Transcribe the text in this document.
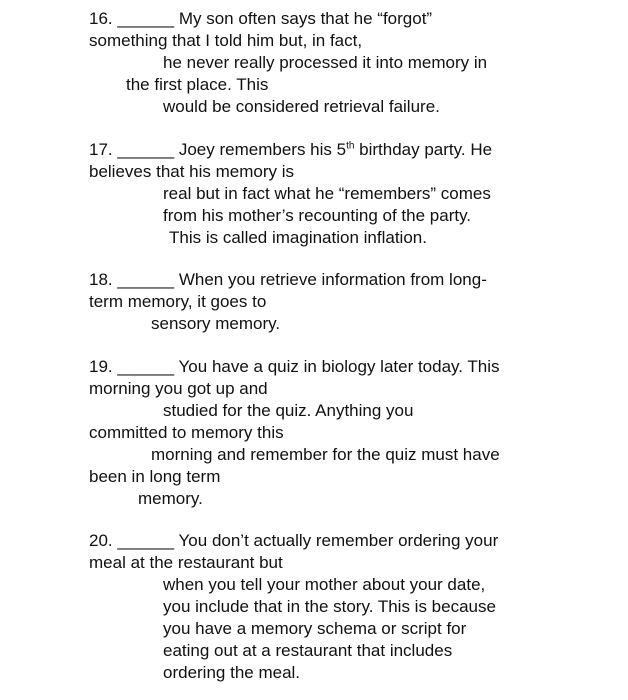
16. ______ My son often says that he “forgot”
something that I told him but, in fact,
he never really processed it into memory in
the first place. This
would be considered retrieval failure.
17. ______ Joey remembers his 5th birthday party. He
believes that his memory is
real but in fact what he “remembers” comes
from his mother’s recounting of the party.
This is called imagination inflation.
18. ______ When you retrieve information from long-
term memory, it goes to
sensory memory.
19. ______ You have a quiz in biology later today. This
morning you got up and
studied for the quiz. Anything you
committed to memory this
morning and remember for the quiz must have
been in long term
memory.
20. ______ You don’t actually remember ordering your
meal at the restaurant but
when you tell your mother about your date,
you include that in the story. This is because
you have a memory schema or script for
eating out at a restaurant that includes
ordering the meal.
